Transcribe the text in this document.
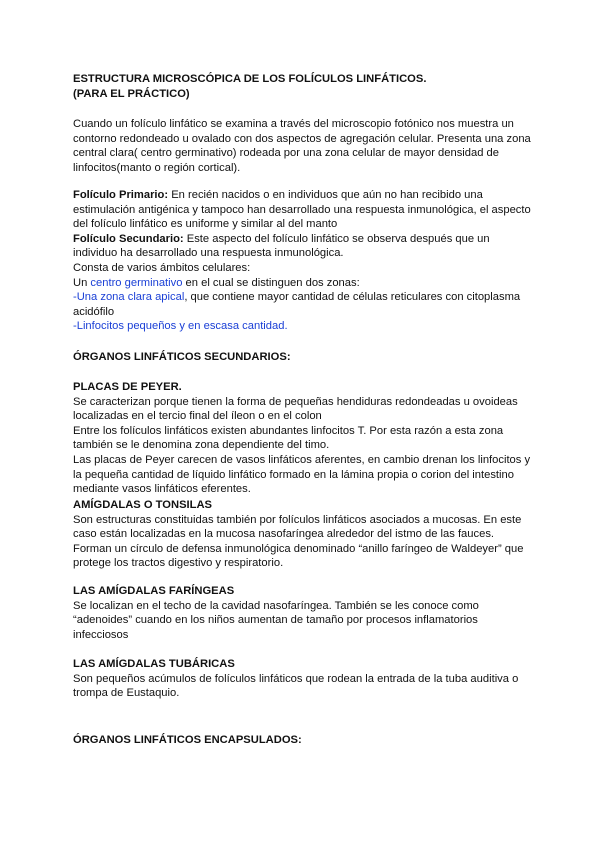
ESTRUCTURA MICROSCÓPICA DE LOS FOLÍCULOS LINFÁTICOS.

(PARA EL PRÁCTICO)

Cuando un folículo linfático se examina a través del microscopio fotónico nos muestra un

contorno redondeado u ovalado con dos aspectos de agregación celular. Presenta una zona

central clara( centro germinativo) rodeada por una zona celular de mayor densidad de

linfocitos(manto o región cortical).

Folículo Primario: En recién nacidos o en individuos que aún no han recibido una

estimulación antigénica y tampoco han desarrollado una respuesta inmunológica, el aspecto

del folículo linfático es uniforme y similar al del manto

Folículo Secundario: Este aspecto del folículo linfático se observa después que un

individuo ha desarrollado una respuesta inmunológica.

Consta de varios ámbitos celulares:

Un centro germinativo en el cual se distinguen dos zonas:

-Una zona clara apical, que contiene mayor cantidad de células reticulares con citoplasma

acidófilo

-Linfocitos pequeños y en escasa cantidad.

ÓRGANOS LINFÁTICOS SECUNDARIOS:

PLACAS DE PEYER.

Se caracterizan porque tienen la forma de pequeñas hendiduras redondeadas u ovoideas

localizadas en el tercio final del íleon o en el colon

Entre los folículos linfáticos existen abundantes linfocitos T. Por esta razón a esta zona

también se le denomina zona dependiente del timo.

Las placas de Peyer carecen de vasos linfáticos aferentes, en cambio drenan los linfocitos y

la pequeña cantidad de líquido linfático formado en la lámina propia o corion del intestino

mediante vasos linfáticos eferentes.

AMÍGDALAS O TONSILAS

Son estructuras constituidas también por folículos linfáticos asociados a mucosas. En este

caso están localizadas en la mucosa nasofaríngea alrededor del istmo de las fauces.

Forman un círculo de defensa inmunológica denominado “anillo faríngeo de Waldeyer” que

protege los tractos digestivo y respiratorio.

LAS AMÍGDALAS FARÍNGEAS

Se localizan en el techo de la cavidad nasofaríngea. También se les conoce como

“adenoides” cuando en los niños aumentan de tamaño por procesos inflamatorios

infecciosos

LAS AMÍGDALAS TUBÁRICAS

Son pequeños acúmulos de folículos linfáticos que rodean la entrada de la tuba auditiva o

trompa de Eustaquio.

ÓRGANOS LINFÁTICOS ENCAPSULADOS:
